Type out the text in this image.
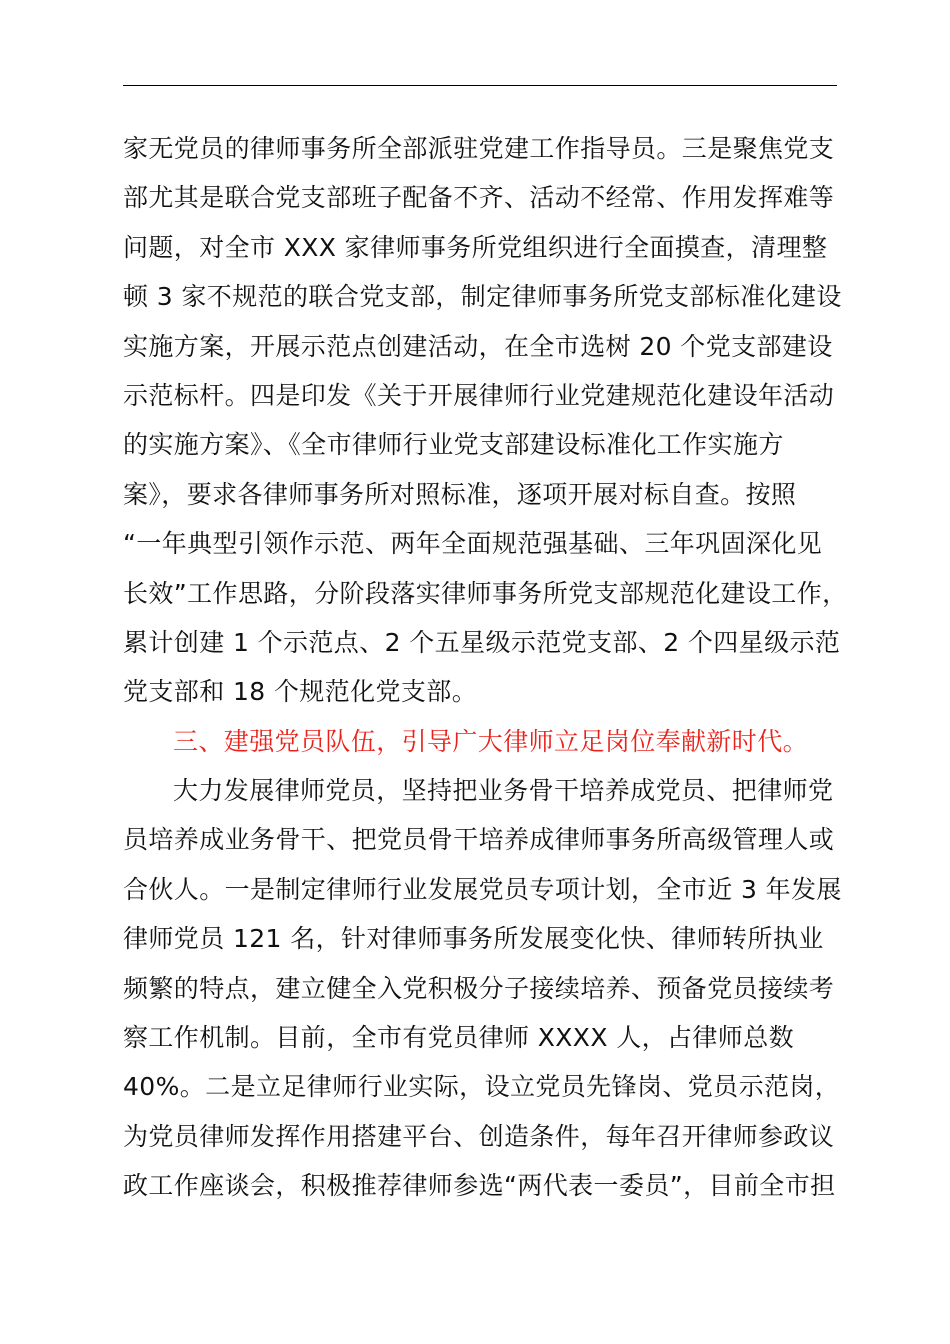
家无党员的律师事务所全部派驻党建工作指导员。三是聚焦党支
部尤其是联合党支部班子配备不齐、活动不经常、作用发挥难等
问题，对全市 XXX 家律师事务所党组织进行全面摸查，清理整
顿 3 家不规范的联合党支部，制定律师事务所党支部标准化建设
实施方案，开展示范点创建活动，在全市选树 20 个党支部建设
示范标杆。四是印发《关于开展律师行业党建规范化建设年活动
的实施方案》、《全市律师行业党支部建设标准化工作实施方
案》，要求各律师事务所对照标准，逐项开展对标自查。按照
“一年典型引领作示范、两年全面规范强基础、三年巩固深化见
长效”工作思路，分阶段落实律师事务所党支部规范化建设工作，
累计创建 1 个示范点、2 个五星级示范党支部、2 个四星级示范
党支部和 18 个规范化党支部。
三、建强党员队伍，引导广大律师立足岗位奉献新时代。
大力发展律师党员，坚持把业务骨干培养成党员、把律师党
员培养成业务骨干、把党员骨干培养成律师事务所高级管理人或
合伙人。一是制定律师行业发展党员专项计划，全市近 3 年发展
律师党员 121 名，针对律师事务所发展变化快、律师转所执业
频繁的特点，建立健全入党积极分子接续培养、预备党员接续考
察工作机制。目前，全市有党员律师 XXXX 人，占律师总数
40%。二是立足律师行业实际，设立党员先锋岗、党员示范岗，
为党员律师发挥作用搭建平台、创造条件，每年召开律师参政议
政工作座谈会，积极推荐律师参选“两代表一委员”，目前全市担
